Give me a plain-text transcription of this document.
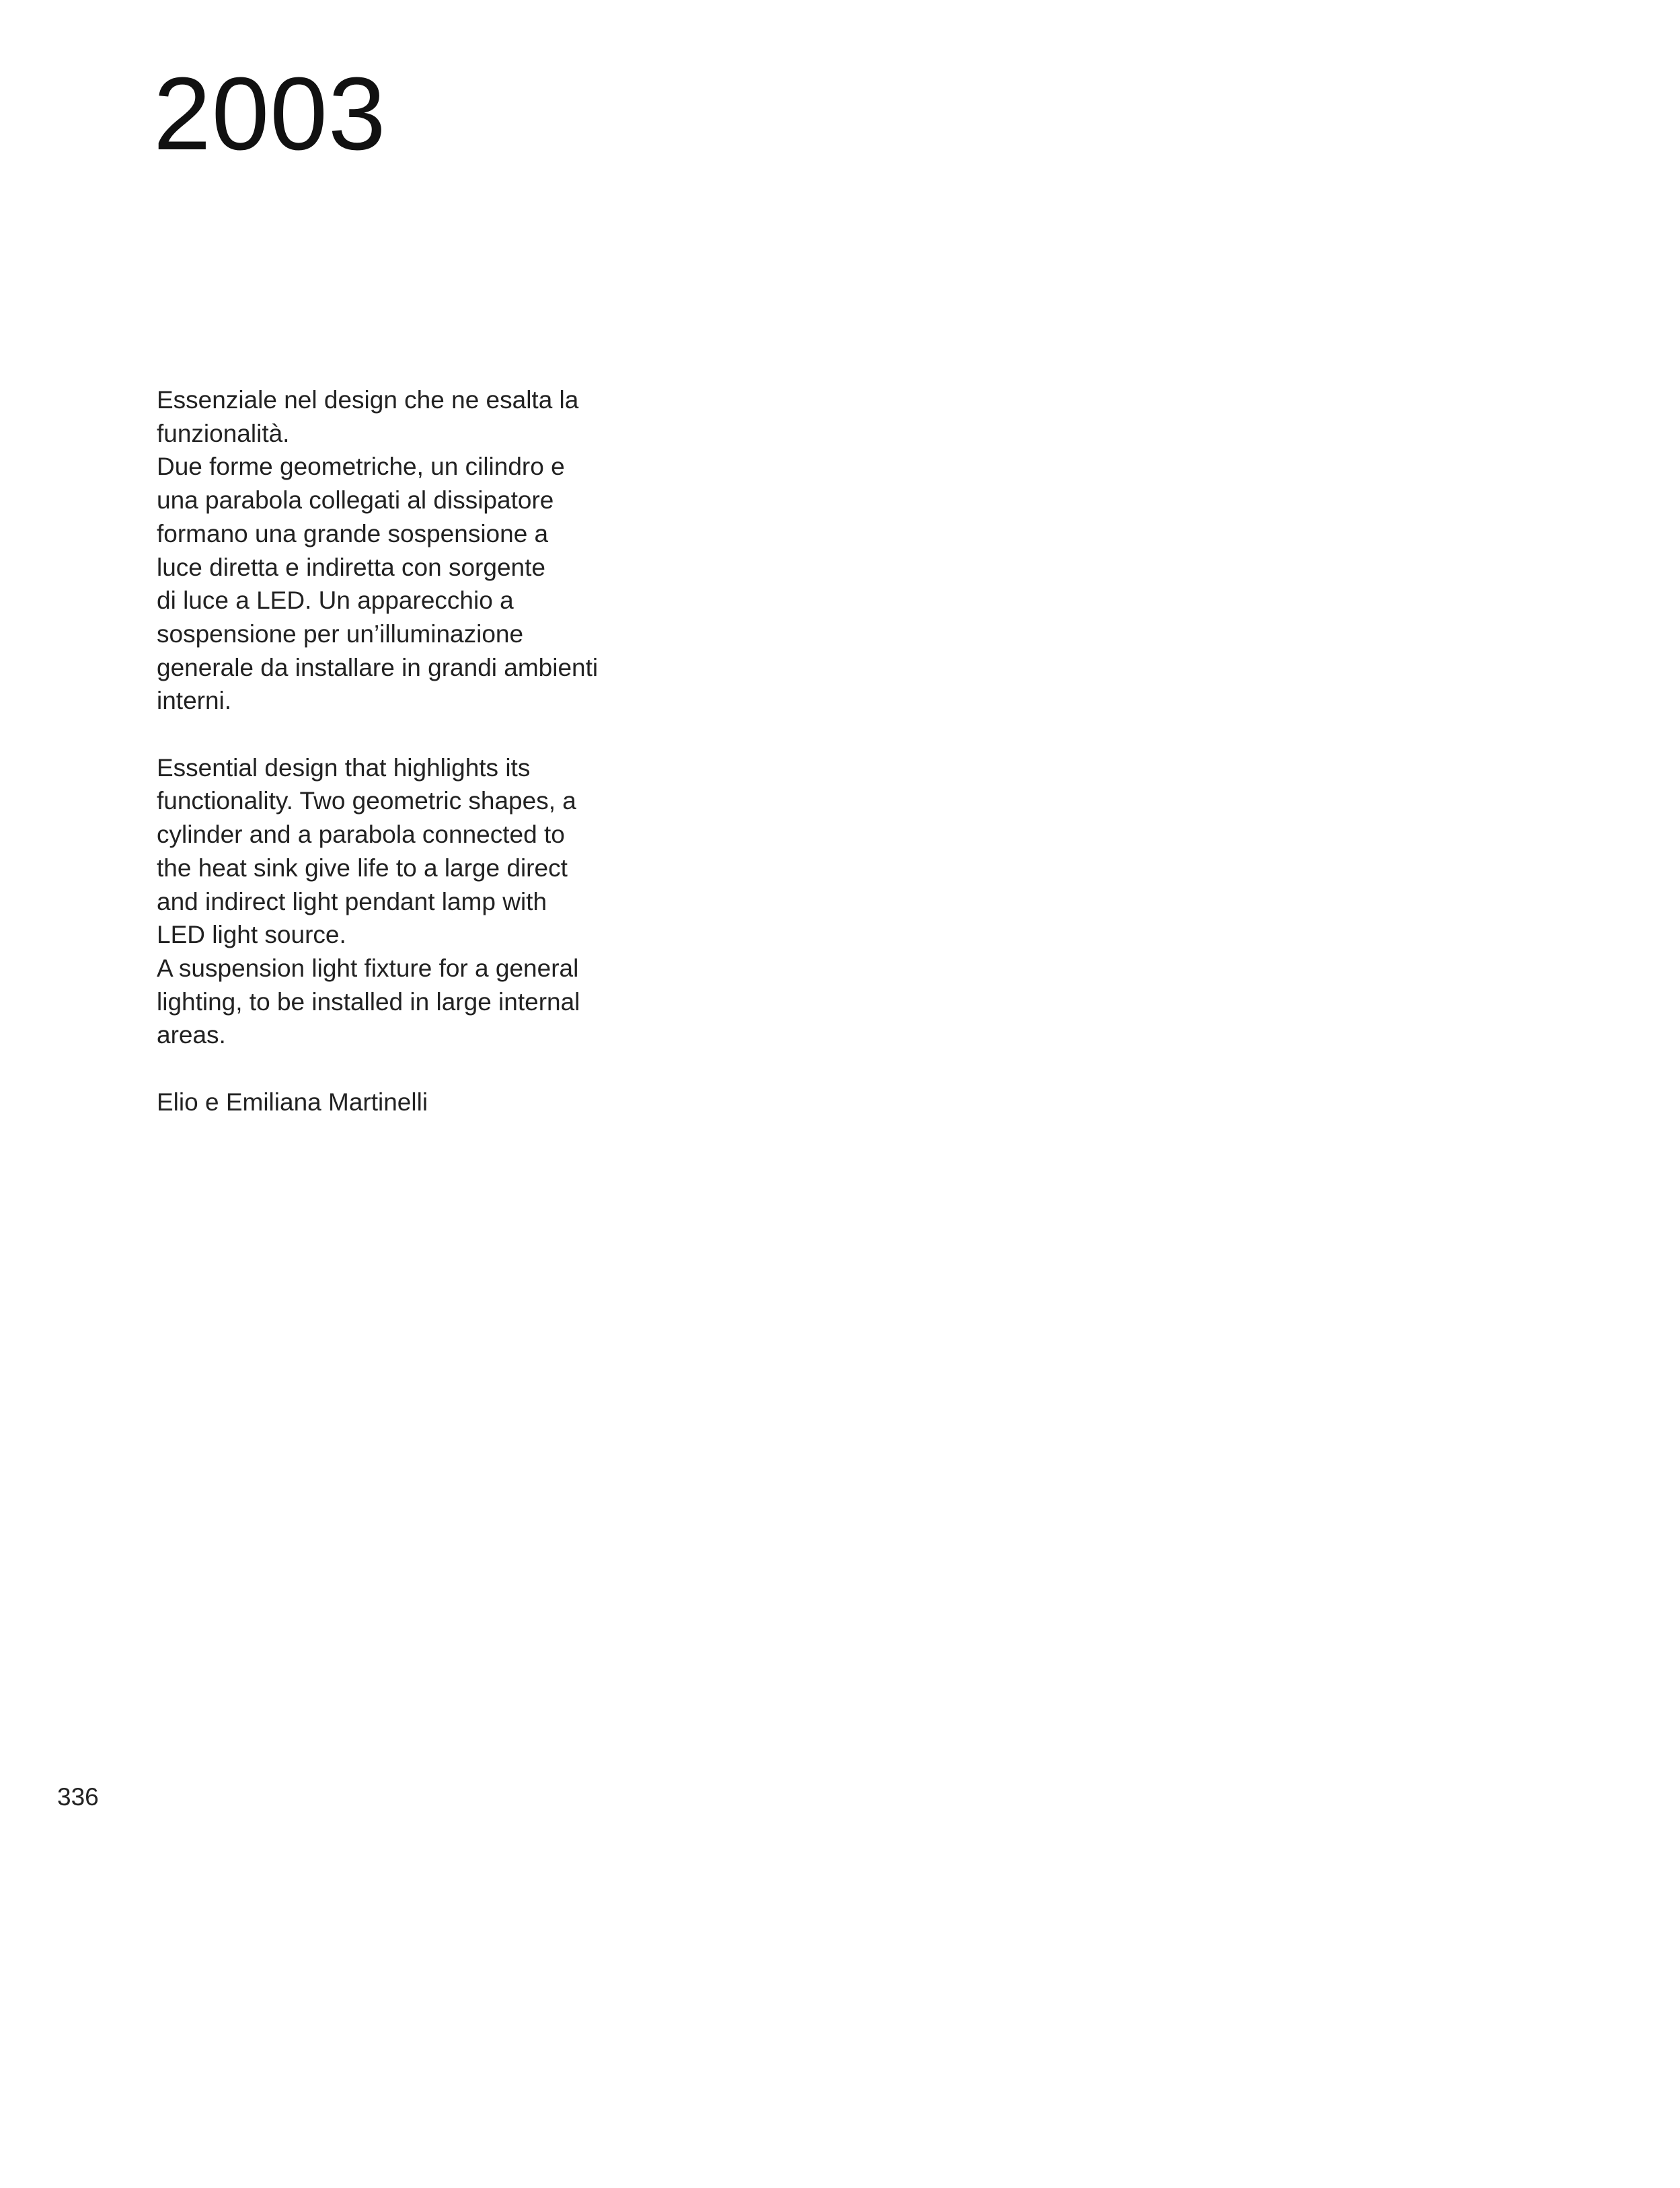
2003
Essenziale nel design che ne esalta la
funzionalità.
Due forme geometriche, un cilindro e
una parabola collegati al dissipatore
formano una grande sospensione a
luce diretta e indiretta con sorgente
di luce a LED. Un apparecchio a
sospensione per un’illuminazione
generale da installare in grandi ambienti
interni.
Essential design that highlights its
functionality. Two geometric shapes, a
cylinder and a parabola connected to
the heat sink give life to a large direct
and indirect light pendant lamp with
LED light source.
A suspension light fixture for a general
lighting, to be installed in large internal
areas.
Elio e Emiliana Martinelli
336
